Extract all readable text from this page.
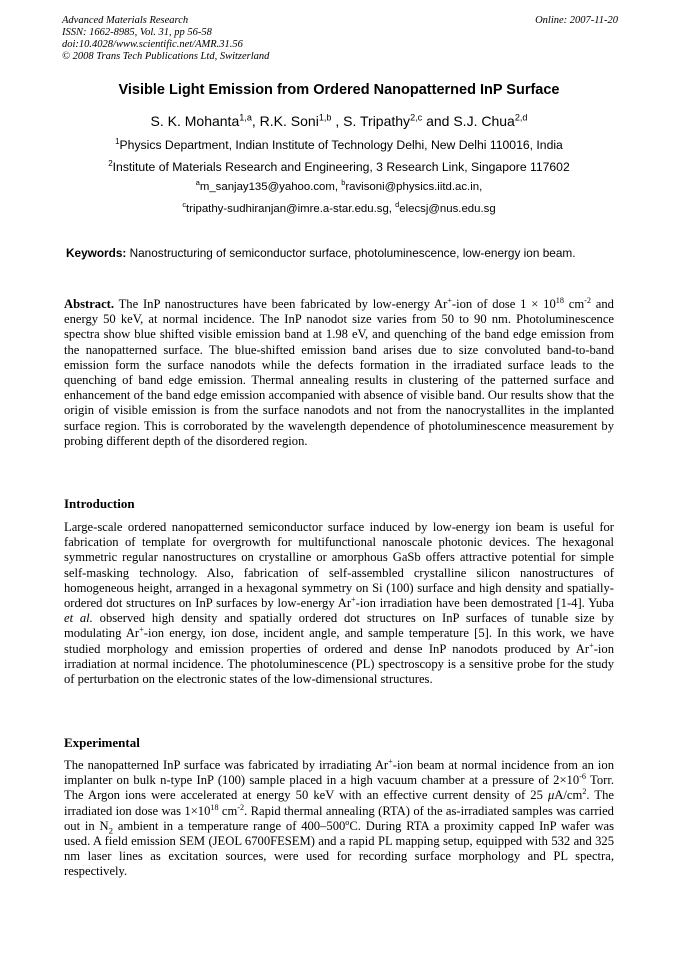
Advanced Materials Research
ISSN: 1662-8985, Vol. 31, pp 56-58
doi:10.4028/www.scientific.net/AMR.31.56
© 2008 Trans Tech Publications Ltd, Switzerland
Online: 2007-11-20
Visible Light Emission from Ordered Nanopatterned InP Surface
S. K. Mohanta$^{1,a}$, R.K. Soni$^{1,b}$ , S. Tripathy$^{2,c}$ and S.J. Chua$^{2,d}$
$^1$Physics Department, Indian Institute of Technology Delhi, New Delhi 110016, India
$^2$Institute of Materials Research and Engineering, 3 Research Link, Singapore 117602
$^a$m_sanjay135@yahoo.com, $^b$ravisoni@physics.iitd.ac.in,
$^c$tripathy-sudhiranjan@imre.a-star.edu.sg, $^d$elecsj@nus.edu.sg
Keywords: Nanostructuring of semiconductor surface, photoluminescence, low-energy ion beam.

Abstract. The InP nanostructures have been fabricated by low-energy Ar+-ion of dose $1 \times 10^{18}$ $cm^{-2}$ and energy 50 keV, at normal incidence. The InP nanodot size varies from 50 to 90 nm. Photoluminescence spectra show blue shifted visible emission band at 1.98 eV, and quenching of the band edge emission from the nanopatterned surface. The blue-shifted emission band arises due to size convoluted band-to-band emission form the surface nanodots while the defects formation in the irradiated surface leads to the quenching of band edge emission. Thermal annealing results in clustering of the patterned surface and enhancement of the band edge emission accompanied with absence of visible band. Our results show that the origin of visible emission is from the surface nanodots and not from the nanocrystallites in the implanted surface region. This is corroborated by the wavelength dependence of photoluminescence measurement by probing different depth of the disordered region.

Introduction

Large-scale ordered nanopatterned semiconductor surface induced by low-energy ion beam is useful for fabrication of template for overgrowth for multifunctional nanoscale photonic devices. The hexagonal symmetric regular nanostructures on crystalline or amorphous GaSb offers attractive potential for simple self-masking technology. Also, fabrication of self-assembled crystalline silicon nanostructures of homogeneous height, arranged in a hexagonal symmetry on Si (100) surface and high density and spatially-ordered dot structures on InP surfaces by low-energy Ar+-ion irradiation have been demostrated [1-4]. Yuba et al. observed high density and spatially ordered dot structures on InP surfaces of tunable size by modulating Ar+-ion energy, ion dose, incident angle, and sample temperature [5]. In this work, we have studied morphology and emission properties of ordered and dense InP nanodots produced by Ar+-ion irradiation at normal incidence. The photoluminescence (PL) spectroscopy is a sensitive probe for the study of perturbation on the electronic states of the low-dimensional structures.

Experimental

The nanopatterned InP surface was fabricated by irradiating Ar+-ion beam at normal incidence from an ion implanter on bulk n-type InP (100) sample placed in a high vacuum chamber at a pressure of $2\times 10^{-6}$ Torr. The Argon ions were accelerated at energy 50 keV with an effective current density of 25 $\mu A/cm^2$. The irradiated ion dose was $1\times 10^{18}$ $cm^{-2}$. Rapid thermal annealing (RTA) of the as-irradiated samples was carried out in $N_2$ ambient in a temperature range of 400–500$^o$C. During RTA a proximity capped InP wafer was used. A field emission SEM (JEOL 6700FESEM) and a rapid PL mapping setup, equipped with 532 and 325 nm laser lines as excitation sources, were used for recording surface morphology and PL spectra, respectively.
